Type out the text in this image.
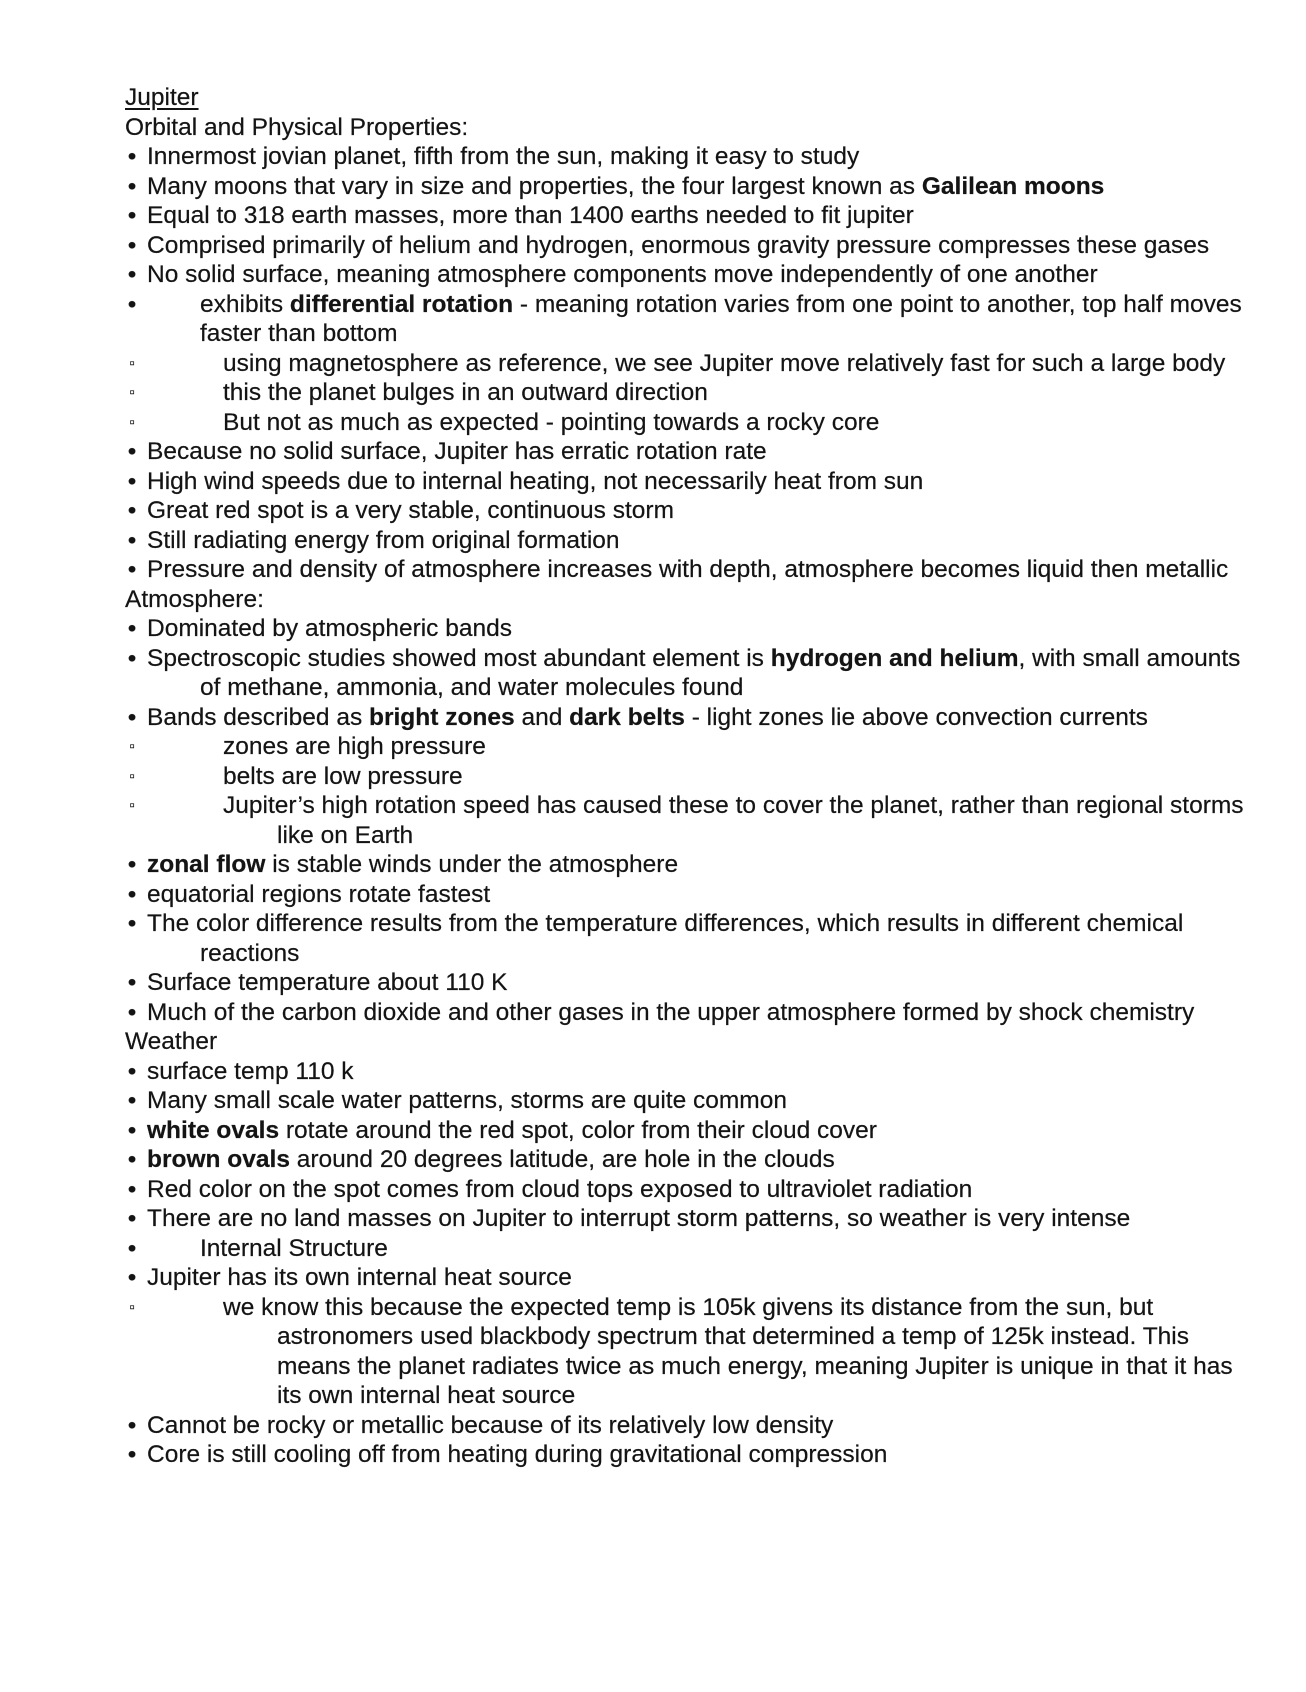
Jupiter
Orbital and Physical Properties:
• Innermost jovian planet, fifth from the sun, making it easy to study
• Many moons that vary in size and properties, the four largest known as Galilean moons
• Equal to 318 earth masses, more than 1400 earths needed to fit jupiter
• Comprised primarily of helium and hydrogen, enormous gravity pressure compresses these gases
• No solid surface, meaning atmosphere components move independently of one another
•	exhibits differential rotation - meaning rotation varies from one point to another, top half moves faster than bottom
▫	using magnetosphere as reference, we see Jupiter move relatively fast for such a large body
▫	this the planet bulges in an outward direction
▫	But not as much as expected - pointing towards a rocky core
• Because no solid surface, Jupiter has erratic rotation rate
• High wind speeds due to internal heating, not necessarily heat from sun
• Great red spot is a very stable, continuous storm
• Still radiating energy from original formation
• Pressure and density of atmosphere increases with depth, atmosphere becomes liquid then metallic
Atmosphere:
• Dominated by atmospheric bands
• Spectroscopic studies showed most abundant element is hydrogen and helium, with small amounts of methane, ammonia, and water molecules found
• Bands described as bright zones and dark belts - light zones lie above convection currents
▫	zones are high pressure
▫	belts are low pressure
▫	Jupiter’s high rotation speed has caused these to cover the planet, rather than regional storms like on Earth
• zonal flow is stable winds under the atmosphere
• equatorial regions rotate fastest
• The color difference results from the temperature differences, which results in different chemical reactions
• Surface temperature about 110 K
• Much of the carbon dioxide and other gases in the upper atmosphere formed by shock chemistry
Weather
• surface temp 110 k
• Many small scale water patterns, storms are quite common
• white ovals rotate around the red spot, color from their cloud cover
• brown ovals around 20 degrees latitude, are hole in the clouds
• Red color on the spot comes from cloud tops exposed to ultraviolet radiation
• There are no land masses on Jupiter to interrupt storm patterns, so weather is very intense
•	Internal Structure
• Jupiter has its own internal heat source
▫	we know this because the expected temp is 105k givens its distance from the sun, but astronomers used blackbody spectrum that determined a temp of 125k instead. This means the planet radiates twice as much energy, meaning Jupiter is unique in that it has its own internal heat source
• Cannot be rocky or metallic because of its relatively low density
• Core is still cooling off from heating during gravitational compression
